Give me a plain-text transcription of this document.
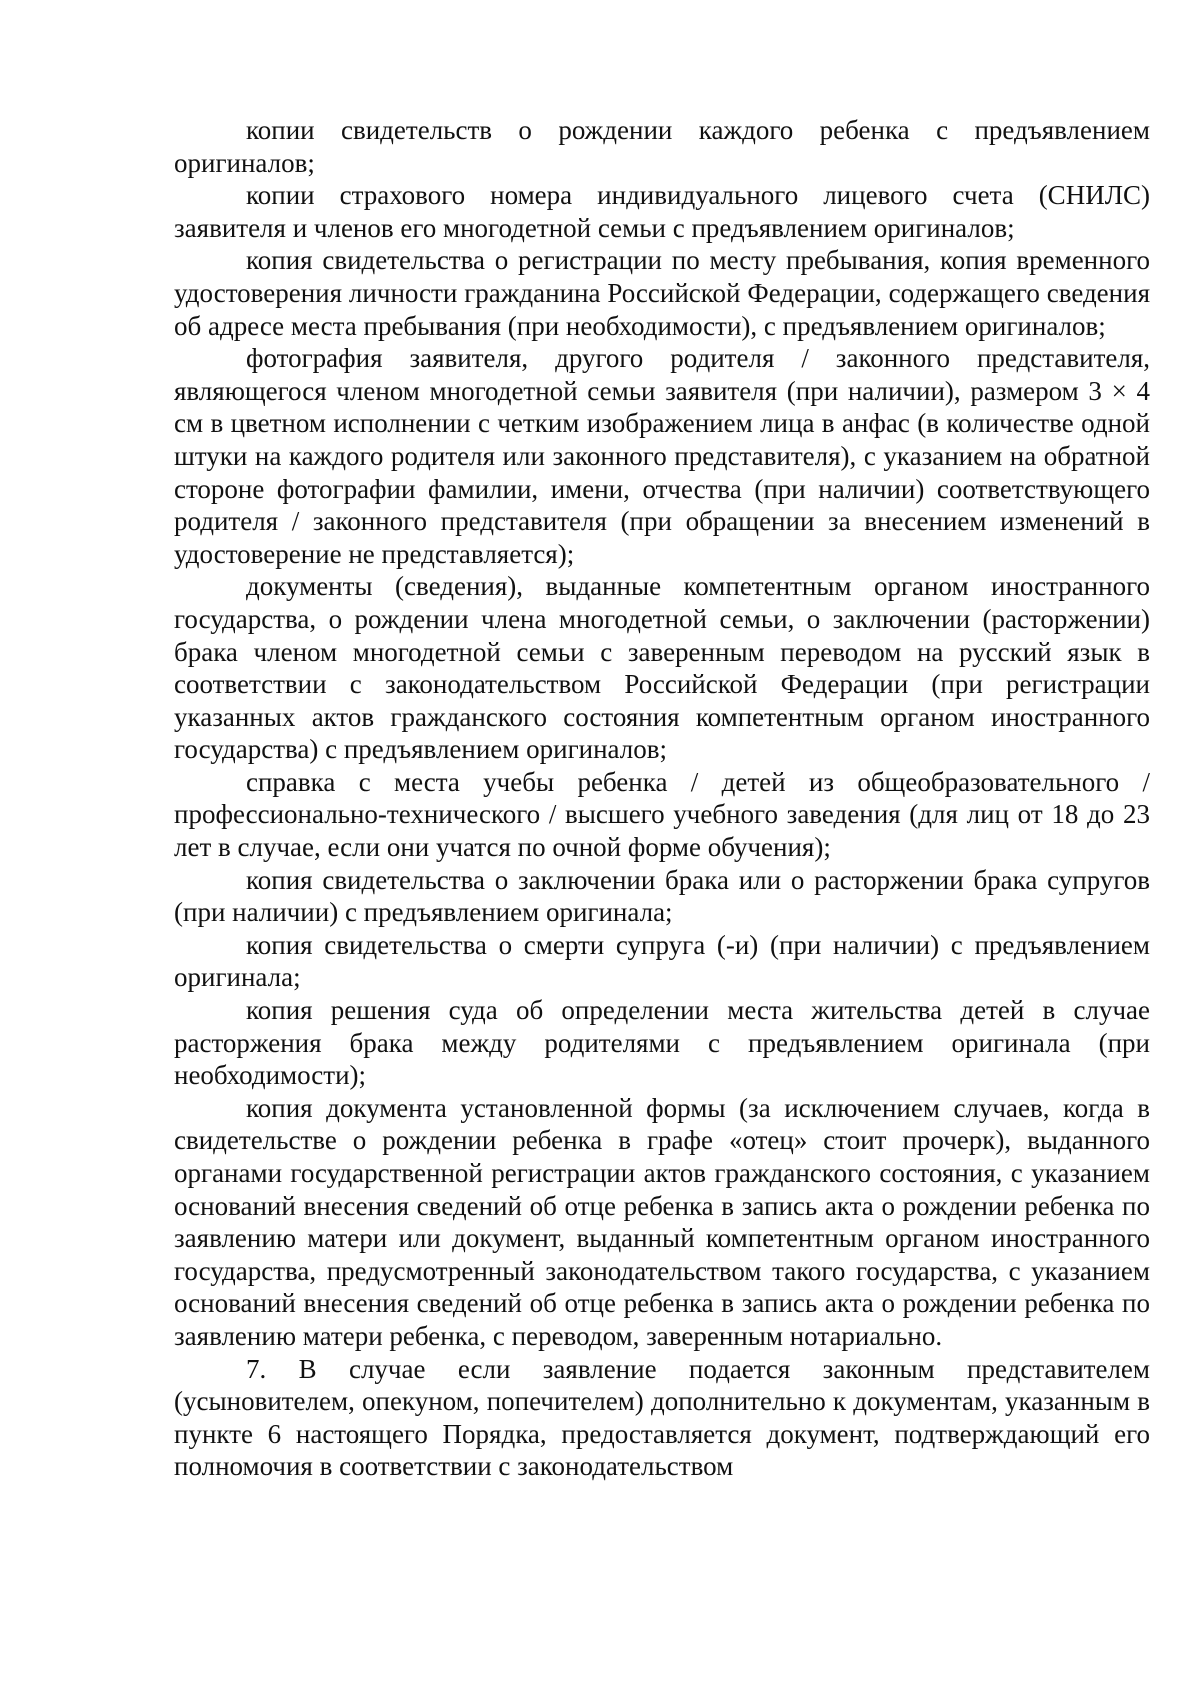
копии свидетельств о рождении каждого ребенка с предъявлением оригиналов;

копии страхового номера индивидуального лицевого счета (СНИЛС) заявителя и членов его многодетной семьи с предъявлением оригиналов;

копия свидетельства о регистрации по месту пребывания, копия временного удостоверения личности гражданина Российской Федерации, содержащего сведения об адресе места пребывания (при необходимости), с предъявлением оригиналов;

фотография заявителя, другого родителя / законного представителя, являющегося членом многодетной семьи заявителя (при наличии), размером 3 × 4 см в цветном исполнении с четким изображением лица в анфас (в количестве одной штуки на каждого родителя или законного представителя), с указанием на обратной стороне фотографии фамилии, имени, отчества (при наличии) соответствующего родителя / законного представителя (при обращении за внесением изменений в удостоверение не представляется);

документы (сведения), выданные компетентным органом иностранного государства, о рождении члена многодетной семьи, о заключении (расторжении) брака членом многодетной семьи с заверенным переводом на русский язык в соответствии с законодательством Российской Федерации (при регистрации указанных актов гражданского состояния компетентным органом иностранного государства) с предъявлением оригиналов;

справка с места учебы ребенка / детей из общеобразовательного / профессионально-технического / высшего учебного заведения (для лиц от 18 до 23 лет в случае, если они учатся по очной форме обучения);

копия свидетельства о заключении брака или о расторжении брака супругов (при наличии) с предъявлением оригинала;

копия свидетельства о смерти супруга (-и) (при наличии) с предъявлением оригинала;

копия решения суда об определении места жительства детей в случае расторжения брака между родителями с предъявлением оригинала (при необходимости);

копия документа установленной формы (за исключением случаев, когда в свидетельстве о рождении ребенка в графе «отец» стоит прочерк), выданного органами государственной регистрации актов гражданского состояния, с указанием оснований внесения сведений об отце ребенка в запись акта о рождении ребенка по заявлению матери или документ, выданный компетентным органом иностранного государства, предусмотренный законодательством такого государства, с указанием оснований внесения сведений об отце ребенка в запись акта о рождении ребенка по заявлению матери ребенка, с переводом, заверенным нотариально.

7. В случае если заявление подается законным представителем (усыновителем, опекуном, попечителем) дополнительно к документам, указанным в пункте 6 настоящего Порядка, предоставляется документ, подтверждающий его полномочия в соответствии с законодательством
